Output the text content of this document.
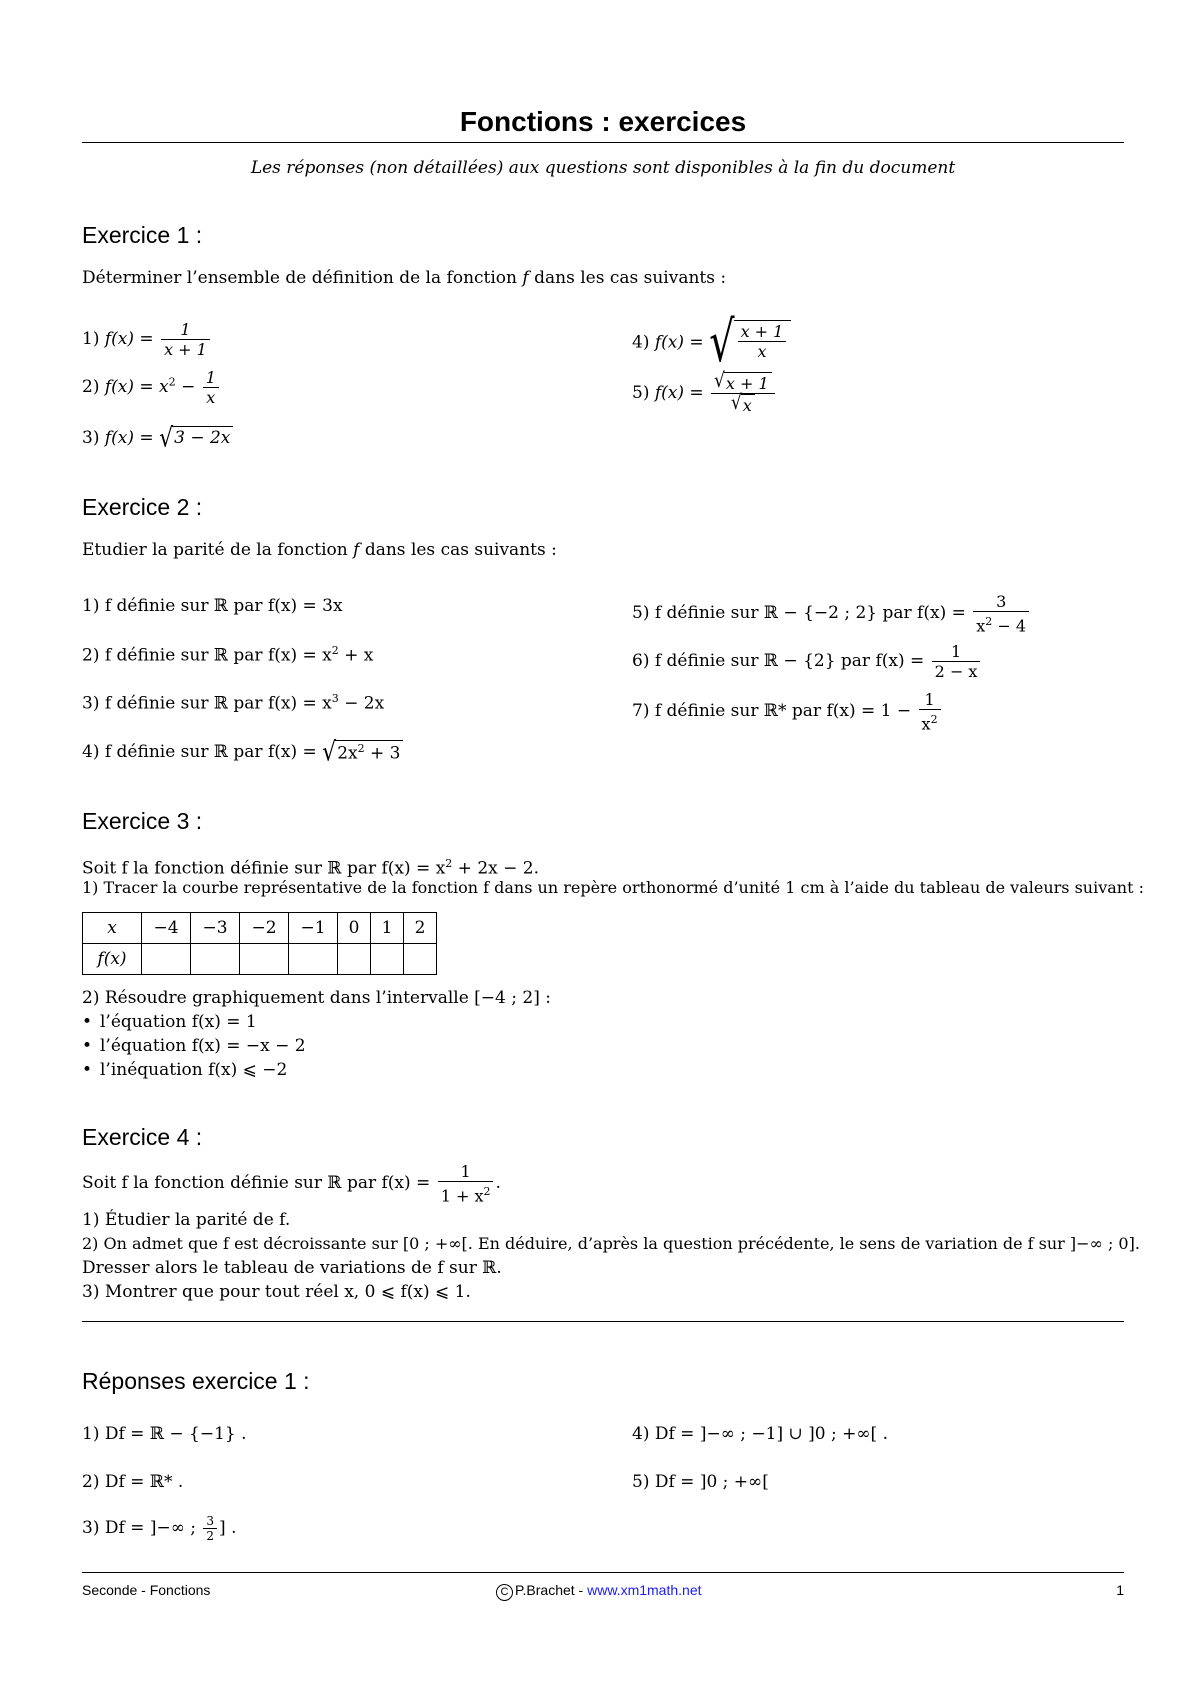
Fonctions : exercices
Les réponses (non détaillées) aux questions sont disponibles à la fin du document
Exercice 1 :
Déterminer l’ensemble de définition de la fonction f dans les cas suivants :
1) $f(x) = \frac{1}{x + 1}$
2) $f(x) = x^2 - \frac{1}{x}$
3) f(x) = √3 − 2x
4) f(x) = √ $\frac{x + 1}{x}$
5) $f(x) = \frac{√x + 1}{√x}$
Exercice 2 :
Etudier la parité de la fonction f dans les cas suivants :
1) f définie sur ℝ par f(x) = 3x
2) f définie sur ℝ par $f(x) = x^2 + x$
3) f définie sur ℝ par $f(x) = x^3 - 2x$
4) f définie sur ℝ par $f(x) = √2x^2 + 3$
5) f définie sur ℝ − {−2 ; 2} par $f(x) = \frac{3}{x^2 - 4}$
6) f définie sur ℝ − {2} par $f(x) = \frac{1}{2 - x}$
7) f définie sur ℝ* par $f(x) = 1 - \frac{1}{x^2}$
Exercice 3 :
Soit f la fonction définie sur ℝ par $f(x) = x^2 + 2x - 2$.
1) Tracer la courbe représentative de la fonction f dans un repère orthonormé d’unité 1 cm à l’aide du tableau de valeurs suivant :
x	−4	−3	−2	−1	0	1	2
f(x)							
2) Résoudre graphiquement dans l’intervalle [−4 ; 2] :
• l’équation f(x) = 1
• l’équation f(x) = −x − 2
• l’inéquation f(x) ⩽ −2
Exercice 4 :
Soit f la fonction définie sur ℝ par $f(x) = \frac{1}{1 + x^2}$ .
1) Étudier la parité de f.
2) On admet que f est décroissante sur [0 ; +∞[. En déduire, d’après la question précédente, le sens de variation de f sur ]−∞ ; 0].
Dresser alors le tableau de variations de f sur ℝ.
3) Montrer que pour tout réel x, 0 ⩽ f(x) ⩽ 1.
Réponses exercice 1 :
1) Df = ℝ − {−1} .
2) Df = ℝ* .
3) Df = ]−∞ ; $\frac{3}{2}$ ] .
4) Df = ]−∞ ; −1] ∪ ]0 ; +∞[ .
5) Df = ]0 ; +∞[
Seconde - Fonctions	C P.Brachet - www.xm1math.net	1
